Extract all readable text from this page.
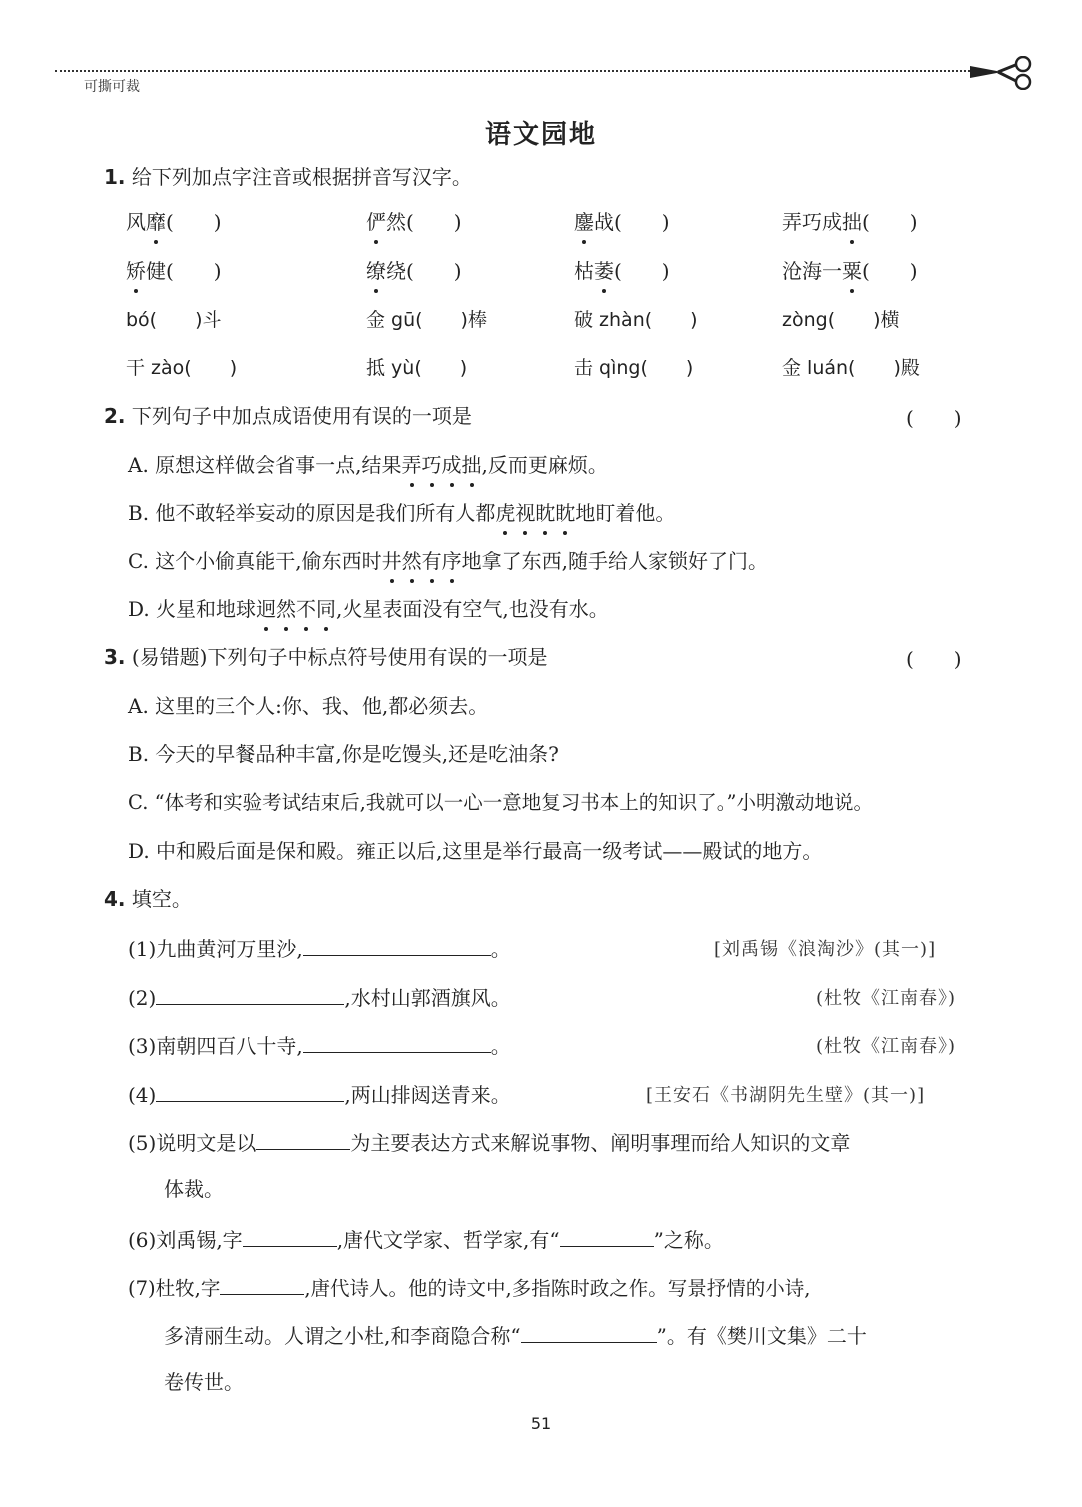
可撕可裁
语文园地
1. 给下列加点字注音或根据拼音写汉字。
风靡(　　)	俨然(　　)	鏖战(　　)	弄巧成拙(　　)
矫健(　　)	缭绕(　　)	枯萎(　　)	沧海一粟(　　)
bó(　　)斗	金 gū(　　)棒	破 zhàn(　　)	zòng(　　)横
干 zào(　　)	抵 yù(　　)	击 qìng(　　)	金 luán(　　)殿
2. 下列句子中加点成语使用有误的一项是	(　　)
A. 原想这样做会省事一点,结果弄巧成拙,反而更麻烦。
B. 他不敢轻举妄动的原因是我们所有人都虎视眈眈地盯着他。
C. 这个小偷真能干,偷东西时井然有序地拿了东西,随手给人家锁好了门。
D. 火星和地球迥然不同,火星表面没有空气,也没有水。
3. (易错题)下列句子中标点符号使用有误的一项是	(　　)
A. 这里的三个人:你、我、他,都必须去。
B. 今天的早餐品种丰富,你是吃馒头,还是吃油条?
C. “体考和实验考试结束后,我就可以一心一意地复习书本上的知识了。”小明激动地说。
D. 中和殿后面是保和殿。雍正以后,这里是举行最高一级考试——殿试的地方。
4. 填空。
(1)九曲黄河万里沙,	。	[刘禹锡《浪淘沙》(其一)]
(2)	,水村山郭酒旗风。	(杜牧《江南春》)
(3)南朝四百八十寺,	。	(杜牧《江南春》)
(4)	,两山排闼送青来。	[王安石《书湖阴先生壁》(其一)]
(5)说明文是以	为主要表达方式来解说事物、阐明事理而给人知识的文章
体裁。
(6)刘禹锡,字	,唐代文学家、哲学家,有“	”之称。
(7)杜牧,字	,唐代诗人。他的诗文中,多指陈时政之作。写景抒情的小诗,
多清丽生动。人谓之小杜,和李商隐合称“	”。有《樊川文集》二十
卷传世。
51
